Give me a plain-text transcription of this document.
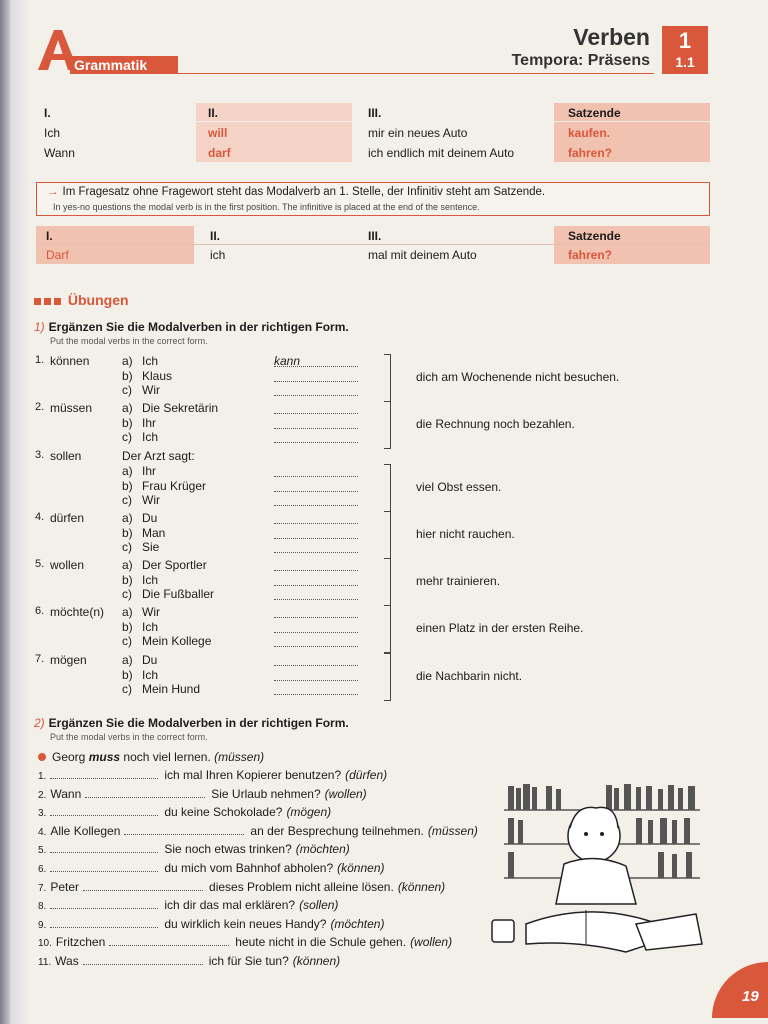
Grammatik
Verben
Tempora: Präsens
1
1.1
I.	II.	III.	Satzende
Ich	will	mir ein neues Auto	kaufen.
Wann	darf	ich endlich mit deinem Auto	fahren?
→ Im Fragesatz ohne Fragewort steht das Modalverb an 1. Stelle, der Infinitiv steht am Satzende.
In yes-no questions the modal verb is in the first position. The infinitive is placed at the end of the sentence.
I.	II.	III.	Satzende
Darf	ich	mal mit deinem Auto	fahren?
Übungen
1) Ergänzen Sie die Modalverben in der richtigen Form.
Put the modal verbs in the correct form.
1. können	a) Ich	kann
b) Klaus
c) Wir
dich am Wochenende nicht besuchen.
2. müssen a) Die Sekretärin
b) Ihr
c) Ich
die Rechnung noch bezahlen.
3. sollen	Der Arzt sagt:
a) Ihr
b) Frau Krüger
c) Wir
viel Obst essen.
4. dürfen	a) Du
b) Man
c) Sie
hier nicht rauchen.
5. wollen	a) Der Sportler
b) Ich
c) Die Fußballer
mehr trainieren.
6. möchte(n) a) Wir
b) Ich
c) Mein Kollege
einen Platz in der ersten Reihe.
7. mögen	a) Du
b) Ich
c) Mein Hund
die Nachbarin nicht.
2) Ergänzen Sie die Modalverben in der richtigen Form.
Put the modal verbs in the correct form.
Georg muss noch viel lernen. (müssen)
1.	ich mal Ihren Kopierer benutzen? (dürfen)
2. Wann	Sie Urlaub nehmen? (wollen)
3.	du keine Schokolade? (mögen)
4. Alle Kollegen	an der Besprechung teilnehmen. (müssen)
5.	Sie noch etwas trinken? (möchten)
6.	du mich vom Bahnhof abholen? (können)
7. Peter	dieses Problem nicht alleine lösen. (können)
8.	ich dir das mal erklären? (sollen)
9.	du wirklich kein neues Handy? (möchten)
10. Fritzchen	heute nicht in die Schule gehen. (wollen)
11. Was	ich für Sie tun? (können)
19
